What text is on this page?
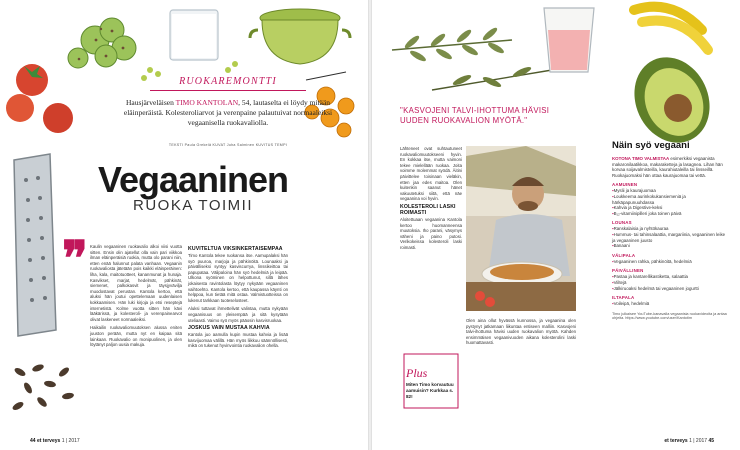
RUOKAREMONTTI
Hausjärveläisen TIMO KANTOLAN, 54, lautaselta ei löydy mitään eläinperäistä. Kolesteroliarvot ja verenpaine palautuivat normaaleiksi vegaanisella ruokavaliolla.
TEKSTI Paula Grekelä KUVAT Juha Salminen KUVITUS TEMPI
Vegaaninen
RUOKA TOIMII
❞ Kaulin vegaaninen ruokavalio alkoi viisi vuotta sitten. Ensin olin ajatellut olla vain pari viikkoa ilman eläinperäisiä ruokia, mutta olo parani niin, etten enää halunnut palata vanhaan. Vegaanin ruokavaliosta jätetään pois kaikki eläinperäinen: liha, kala, maitotuotteet, kananmunat ja hunaja. Kasvikset, marjat, hedelmät, pähkinät, siemenet, palkokasvit ja täysjyvävilja muodostavat perustan. Kantola kertoo, että aluksi hän joutui opettelemaan uudenlaisen kokkaamisen. Hän luki kirjoja ja etsi reseptejä internetistä. Kolme vuotta sitten hän kävi lääkärissä, ja kolesteroli- ja verenpainearvot olivat laskeneet normaaleiksi.

Haikailin ruokavaliomuutoksen alussa eniten juuston perään, mutta nyt en kaipaa sitä lainkaan. Ruokavalio on monipuolinen, ja olen löytänyt paljon uusia makuja.

KUVITELTUA VIKSINKERTAISEMPAA

Timo Kantola tekee ruokansa itse. Aamupalaksi hän syö puuroa, marjoja ja pähkinöitä. Lounaaksi ja päivälliseksi syntyy kasviscurrya, linssikeittoa tai papupataa. Välipaloina hän syö hedelmiä ja leipää. Ulkona syöminen on helpottunut, sillä lähes jokaisesta ravintolasta löytyy nykyään vegaaninen vaihtoehto. Kantola kertoo, että kaupassa käynti on helppoa, kun tietää mitä ostaa. Valmistuotteissa on lukenut tarkkaan tuoteselosteet.

Aluksi tuttavat ihmettelivät valintaa, mutta nykyään vegaanisuus on yleisempää ja sitä kysytään uteliaasti. Vaimo syö myös pääosin kasvisruokaa.

JOSKUS VAIN MUSTAA KAHVIA

Kantola juo aamulla kupin mustaa kahvia ja lisää kasvijuomaa välillä. Hän myös liikkuu säännöllisesti, mikä on tukenut hyvinvointia ruokavalion ohella.

44 et terveys 1 | 2017
"KASVOJENI TALVI-IHOTTUMA HÄVISI UUDEN RUOKAVALION MYÖTÄ."

Lähteneet ovat suhtautuneet ruokavaliomuutokseeni hyvin. En kokkaa itse, mutta vaimoni tekee mielellään ruokaa. Joita voimme molemmat syödä. Äitini päivittelee toisinaan vieläkin, etten jaa edes maitoa. Olen kuitenkin saanut hänet vakuutetuksi siitä, että näe vegaanina voi hyvin.

KOLESTEROLI LASKI ROIMASTI

Aloitettuaan vegaanina Kantola kertoo huomanneensa muutoksia. Iho parani, väsymys väheni ja paino putosi. Verikokeissa kolesteroli laski roimasti.

Olen aina ollut hyvässä kunnossa, ja vegaanina olen pystynyt jatkamaan liikuntaa entiseen malliin. Kasvojeni talvi-ihottuma hävisi uuden ruokavalion myötä. Kahden ensimmäisen vegaanivuoden aikana kolesterolini laski huomattavasti.

Plus
Miten Timo korvautuu aamuisin? Kurkkaa s. 82!
Näin syö vegaani
KOTONA TIMO VALMISTAA esimerkiksi vegaanista makaronilaatikkoa, makaraketteja ja lasagnea. Lihan hän korvaa soijavalmisteilla, kaurahiutaleilla tai linsseillä. Ruokajuomaksi hän ottaa kaurajuomaa tai vettä.
AAMUINEN
▪Myslii ja kaurajuomaa
▪Loukkeema aurinkokukansiemeniä ja härkäpapunuuhdassa
▪Kahvia ja Digestive-keksi
▪B₁₂-vitamiinipilleri joka toinen päivä
LOUNAS
▪Ranskalaisia ja nyhtökauraa
▪Hummus- tai tahinsalaattia, margariinia, vegaaninen leike ja vegaaninen juusto
▪Banaani
VÄLIPALA
▪Vegaaninen rahka, pähkinöitä, hedelmiä
PÄIVÄLLINEN
▪Pastaa ja kantarellikastiketta, salaattia
▪Viiltejä
▪Jälkiruoaksi hedelmä tai vegaaninen jogurtti
ILTAPALA
▪Voileipä, hedelmiä
Timo julkaisee YouTube-kanavalla vegaanisia ruokavideoita ja antaa ohjeita. https://www.youtube.com/user/Kantotim
et terveys 1 | 2017 45
